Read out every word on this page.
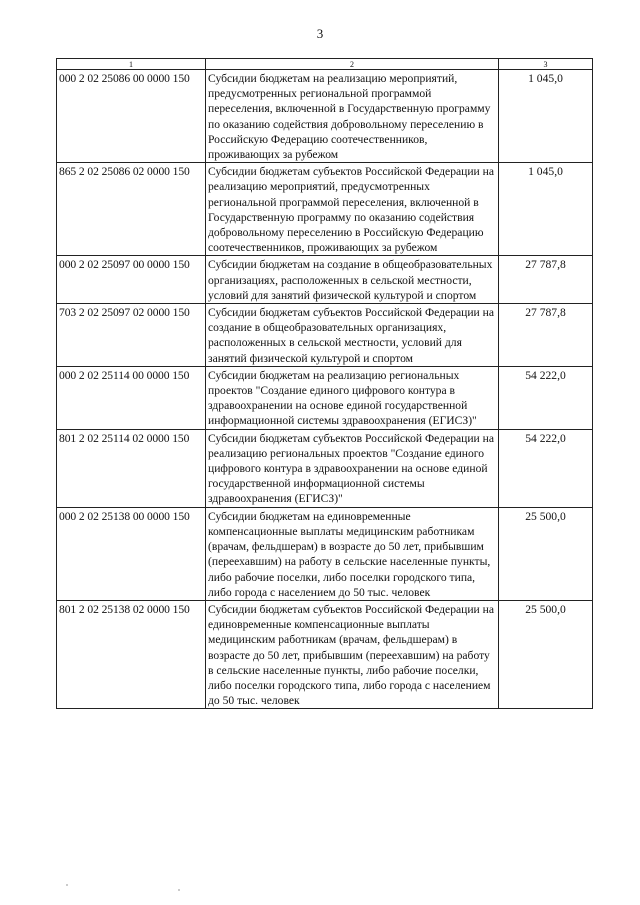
3
1	2	3
000 2 02 25086 00 0000 150	Субсидии бюджетам на реализацию мероприятий, предусмотренных региональной программой переселения, включенной в Государственную программу по оказанию содействия добровольному переселению в Российскую Федерацию соотечественников, проживающих за рубежом	1 045,0
865 2 02 25086 02 0000 150	Субсидии бюджетам субъектов Российской Федерации на реализацию мероприятий, предусмотренных региональной программой переселения, включенной в Государственную программу по оказанию содействия добровольному переселению в Российскую Федерацию соотечественников, проживающих за рубежом	1 045,0
000 2 02 25097 00 0000 150	Субсидии бюджетам на создание в общеобразовательных организациях, расположенных в сельской местности, условий для занятий физической культурой и спортом	27 787,8
703 2 02 25097 02 0000 150	Субсидии бюджетам субъектов Российской Федерации на создание в общеобразовательных организациях, расположенных в сельской местности, условий для занятий физической культурой и спортом	27 787,8
000 2 02 25114 00 0000 150	Субсидии бюджетам на реализацию региональных проектов "Создание единого цифрового контура в здравоохранении на основе единой государственной информационной системы здравоохранения (ЕГИСЗ)"	54 222,0
801 2 02 25114 02 0000 150	Субсидии бюджетам субъектов Российской Федерации на реализацию региональных проектов "Создание единого цифрового контура в здравоохранении на основе единой государственной информационной системы здравоохранения (ЕГИСЗ)"	54 222,0
000 2 02 25138 00 0000 150	Субсидии бюджетам на единовременные компенсационные выплаты медицинским работникам (врачам, фельдшерам) в возрасте до 50 лет, прибывшим (переехавшим) на работу в сельские населенные пункты, либо рабочие поселки, либо поселки городского типа, либо города с населением до 50 тыс. человек	25 500,0
801 2 02 25138 02 0000 150	Субсидии бюджетам субъектов Российской Федерации на единовременные компенсационные выплаты медицинским работникам (врачам, фельдшерам) в возрасте до 50 лет, прибывшим (переехавшим) на работу в сельские населенные пункты, либо рабочие поселки, либо поселки городского типа, либо города с населением до 50 тыс. человек	25 500,0
